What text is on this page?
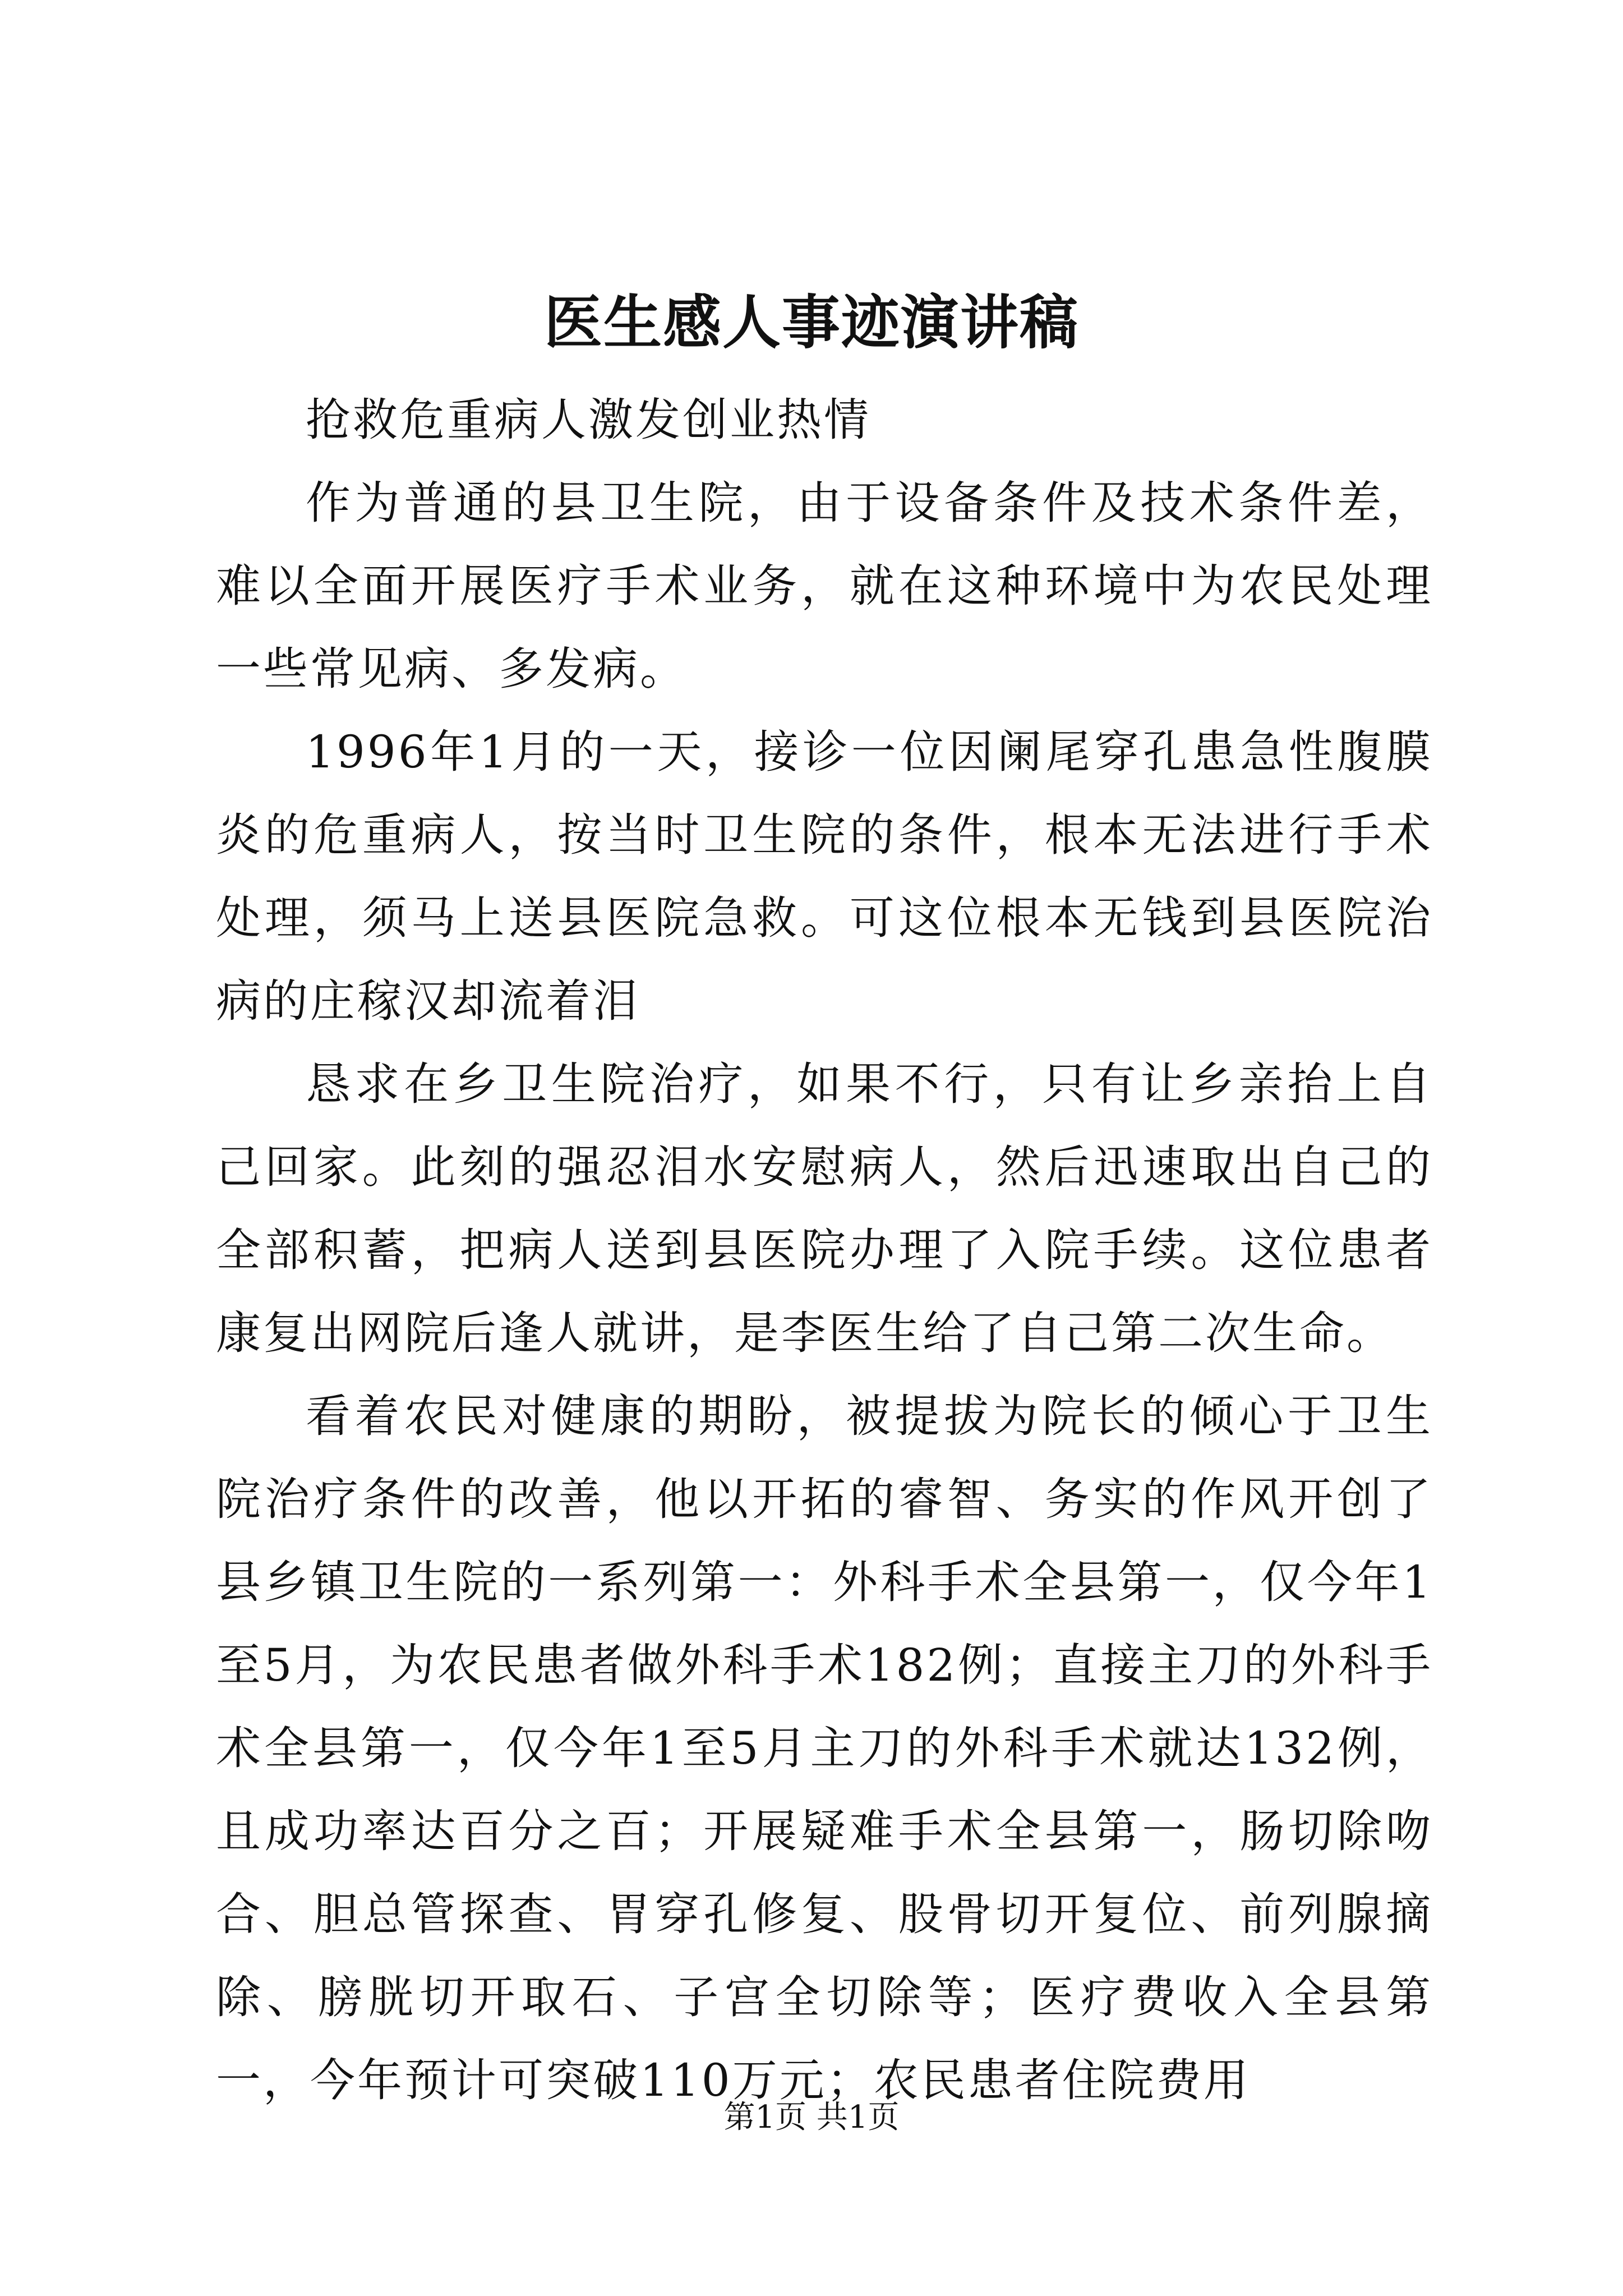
医生感人事迹演讲稿

抢救危重病人激发创业热情

作为普通的县卫生院，由于设备条件及技术条件差，难以全面开展医疗手术业务，就在这种环境中为农民处理一些常见病、多发病。

1996年1月的一天，接诊一位因阑尾穿孔患急性腹膜炎的危重病人，按当时卫生院的条件，根本无法进行手术处理，须马上送县医院急救。可这位根本无钱到县医院治病的庄稼汉却流着泪

恳求在乡卫生院治疗，如果不行，只有让乡亲抬上自己回家。此刻的强忍泪水安慰病人，然后迅速取出自己的全部积蓄，把病人送到县医院办理了入院手续。这位患者康复出网院后逢人就讲，是李医生给了自己第二次生命。

看着农民对健康的期盼，被提拔为院长的倾心于卫生院治疗条件的改善，他以开拓的睿智、务实的作风开创了县乡镇卫生院的一系列第一：外科手术全县第一，仅今年1至5月，为农民患者做外科手术182例；直接主刀的外科手术全县第一，仅今年1至5月主刀的外科手术就达132例，且成功率达百分之百；开展疑难手术全县第一，肠切除吻合、胆总管探查、胃穿孔修复、股骨切开复位、前列腺摘除、膀胱切开取石、子宫全切除等；医疗费收入全县第一，今年预计可突破110万元；农民患者住院费用

第1页 共1页
